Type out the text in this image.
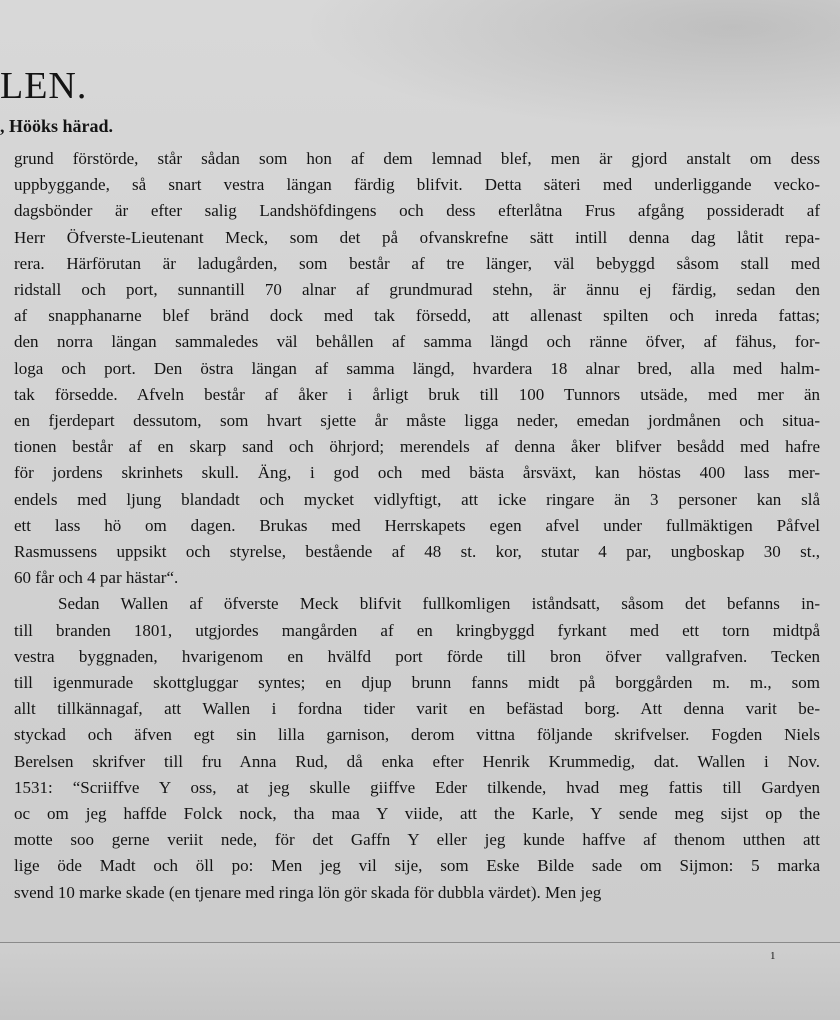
LEN.
, Hööks härad.
grund förstörde, står sådan som hon af dem lemnad blef, men är gjord anstalt om dess
uppbyggande, så snart vestra längan färdig blifvit. Detta säteri med underliggande vecko-
dagsbönder är efter salig Landshöfdingens och dess efterlåtna Frus afgång possideradt af
Herr Öfverste-Lieutenant Meck, som det på ofvanskrefne sätt intill denna dag låtit repa-
rera. Härförutan är ladugården, som består af tre länger, väl bebyggd såsom stall med
ridstall och port, sunnantill 70 alnar af grundmurad stehn, är ännu ej färdig, sedan den
af snapphanarne blef bränd dock med tak försedd, att allenast spilten och inreda fattas;
den norra längan sammaledes väl behållen af samma längd och ränne öfver, af fähus, for-
loga och port. Den östra längan af samma längd, hvardera 18 alnar bred, alla med halm-
tak försedde. Afveln består af åker i årligt bruk till 100 Tunnors utsäde, med mer än
en fjerdepart dessutom, som hvart sjette år måste ligga neder, emedan jordmånen och situa-
tionen består af en skarp sand och öhrjord; merendels af denna åker blifver besådd med hafre
för jordens skrinhets skull. Äng, i god och med bästa årsväxt, kan höstas 400 lass mer-
endels med ljung blandadt och mycket vidlyftigt, att icke ringare än 3 personer kan slå
ett lass hö om dagen. Brukas med Herrskapets egen afvel under fullmäktigen Påfvel
Rasmussens uppsikt och styrelse, bestående af 48 st. kor, stutar 4 par, ungboskap 30 st.,
60 får och 4 par hästar“.
Sedan Wallen af öfverste Meck blifvit fullkomligen iståndsatt, såsom det befanns in-
till branden 1801, utgjordes mangården af en kringbyggd fyrkant med ett torn midtpå
vestra byggnaden, hvarigenom en hvälfd port förde till bron öfver vallgrafven. Tecken
till igenmurade skottgluggar syntes; en djup brunn fanns midt på borggården m. m., som
allt tillkännagaf, att Wallen i fordna tider varit en befästad borg. Att denna varit be-
styckad och äfven egt sin lilla garnison, derom vittna följande skrifvelser. Fogden Niels
Berelsen skrifver till fru Anna Rud, då enka efter Henrik Krummedig, dat. Wallen i Nov.
1531: “Scriiffve Y oss, at jeg skulle giiffve Eder tilkende, hvad meg fattis till Gardyen
oc om jeg haffde Folck nock, tha maa Y viide, att the Karle, Y sende meg sijst op the
motte soo gerne veriit nede, för det Gaffn Y eller jeg kunde haffve af thenom utthen att
lige öde Madt och öll po: Men jeg vil sije, som Eske Bilde sade om Sijmon: 5 marka
svend 10 marke skade (en tjenare med ringa lön gör skada för dubbla värdet). Men jeg
1
